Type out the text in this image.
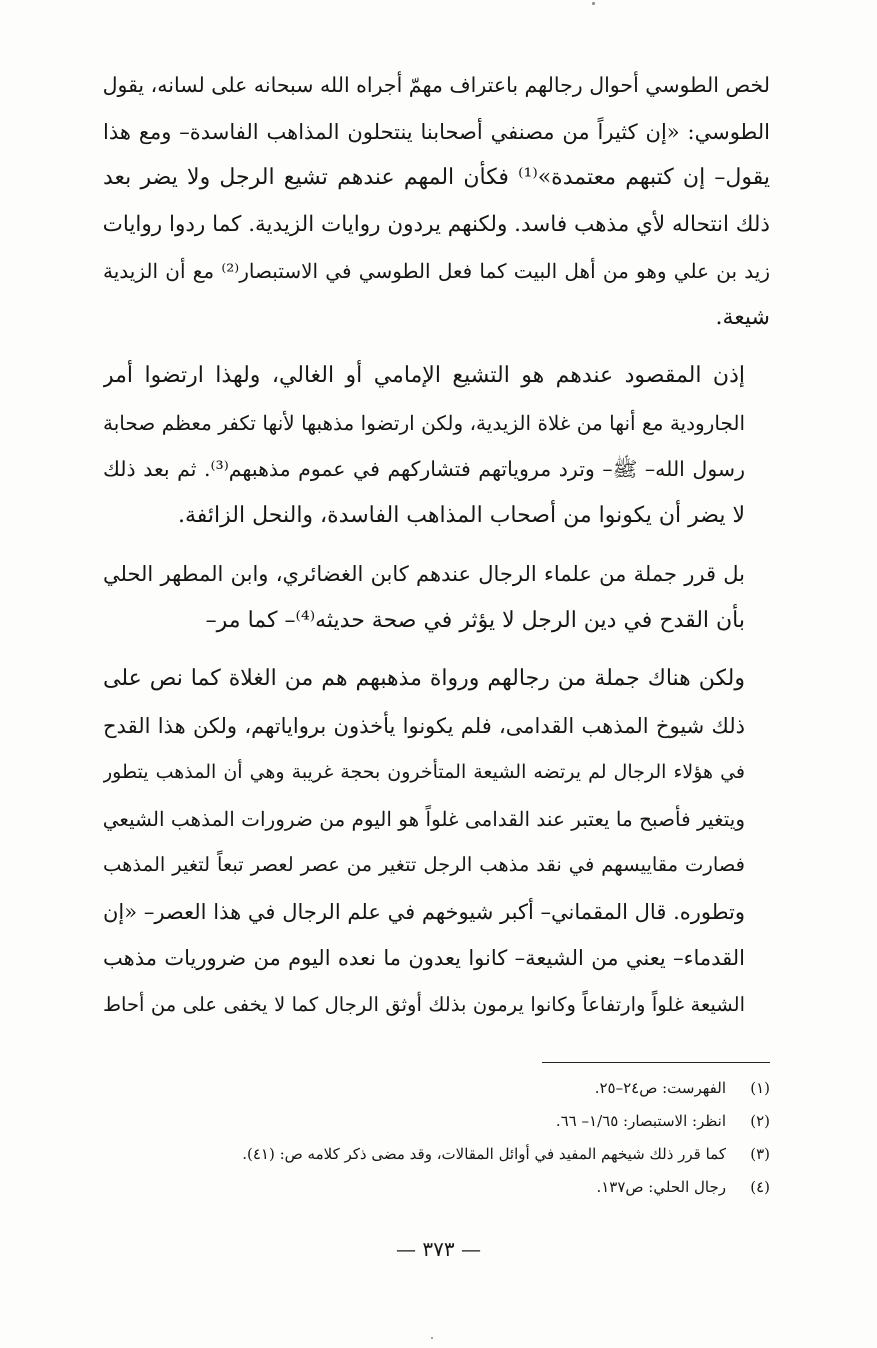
لخص الطوسي أحوال رجالهم باعتراف مهمّ أجراه الله سبحانه على لسانه، يقول
الطوسي: «إن كثيراً من مصنفي أصحابنا ينتحلون المذاهب الفاسدة– ومع هذا
يقول– إن كتبهم معتمدة»⁽¹⁾ فكأن المهم عندهم تشيع الرجل ولا يضر بعد
ذلك انتحاله لأي مذهب فاسد. ولكنهم يردون روايات الزيدية. كما ردوا روايات
زيد بن علي وهو من أهل البيت كما فعل الطوسي في الاستبصار⁽²⁾ مع أن الزيدية
شيعة.

إذن المقصود عندهم هو التشيع الإمامي أو الغالي، ولهذا ارتضوا أمر
الجارودية مع أنها من غلاة الزيدية، ولكن ارتضوا مذهبها لأنها تكفر معظم صحابة
رسول الله– ﷺ– وترد مروياتهم فتشاركهم في عموم مذهبهم⁽³⁾. ثم بعد ذلك
لا يضر أن يكونوا من أصحاب المذاهب الفاسدة، والنحل الزائفة.

بل قرر جملة من علماء الرجال عندهم كابن الغضائري، وابن المطهر الحلي
بأن القدح في دين الرجل لا يؤثر في صحة حديثه⁽⁴⁾– كما مر–

ولكن هناك جملة من رجالهم ورواة مذهبهم هم من الغلاة كما نص على
ذلك شيوخ المذهب القدامى، فلم يكونوا يأخذون برواياتهم، ولكن هذا القدح
في هؤلاء الرجال لم يرتضه الشيعة المتأخرون بحجة غريبة وهي أن المذهب يتطور
ويتغير فأصبح ما يعتبر عند القدامى غلواً هو اليوم من ضرورات المذهب الشيعي
فصارت مقاييسهم في نقد مذهب الرجل تتغير من عصر لعصر تبعاً لتغير المذهب
وتطوره. قال المقماني– أكبر شيوخهم في علم الرجال في هذا العصر– «إن
القدماء– يعني من الشيعة– كانوا يعدون ما نعده اليوم من ضروريات مذهب
الشيعة غلواً وارتفاعاً وكانوا يرمون بذلك أوثق الرجال كما لا يخفى على من أحاط

(١)الفهرست: ص٢٤–٢٥.
(٢)انظر: الاستبصار: ١/٦٥– ٦٦.
(٣)كما قرر ذلك شيخهم المفيد في أوائل المقالات، وقد مضى ذكر كلامه ص: (٤١).
(٤)رجال الحلي: ص١٣٧.
— ٣٧٣ —
